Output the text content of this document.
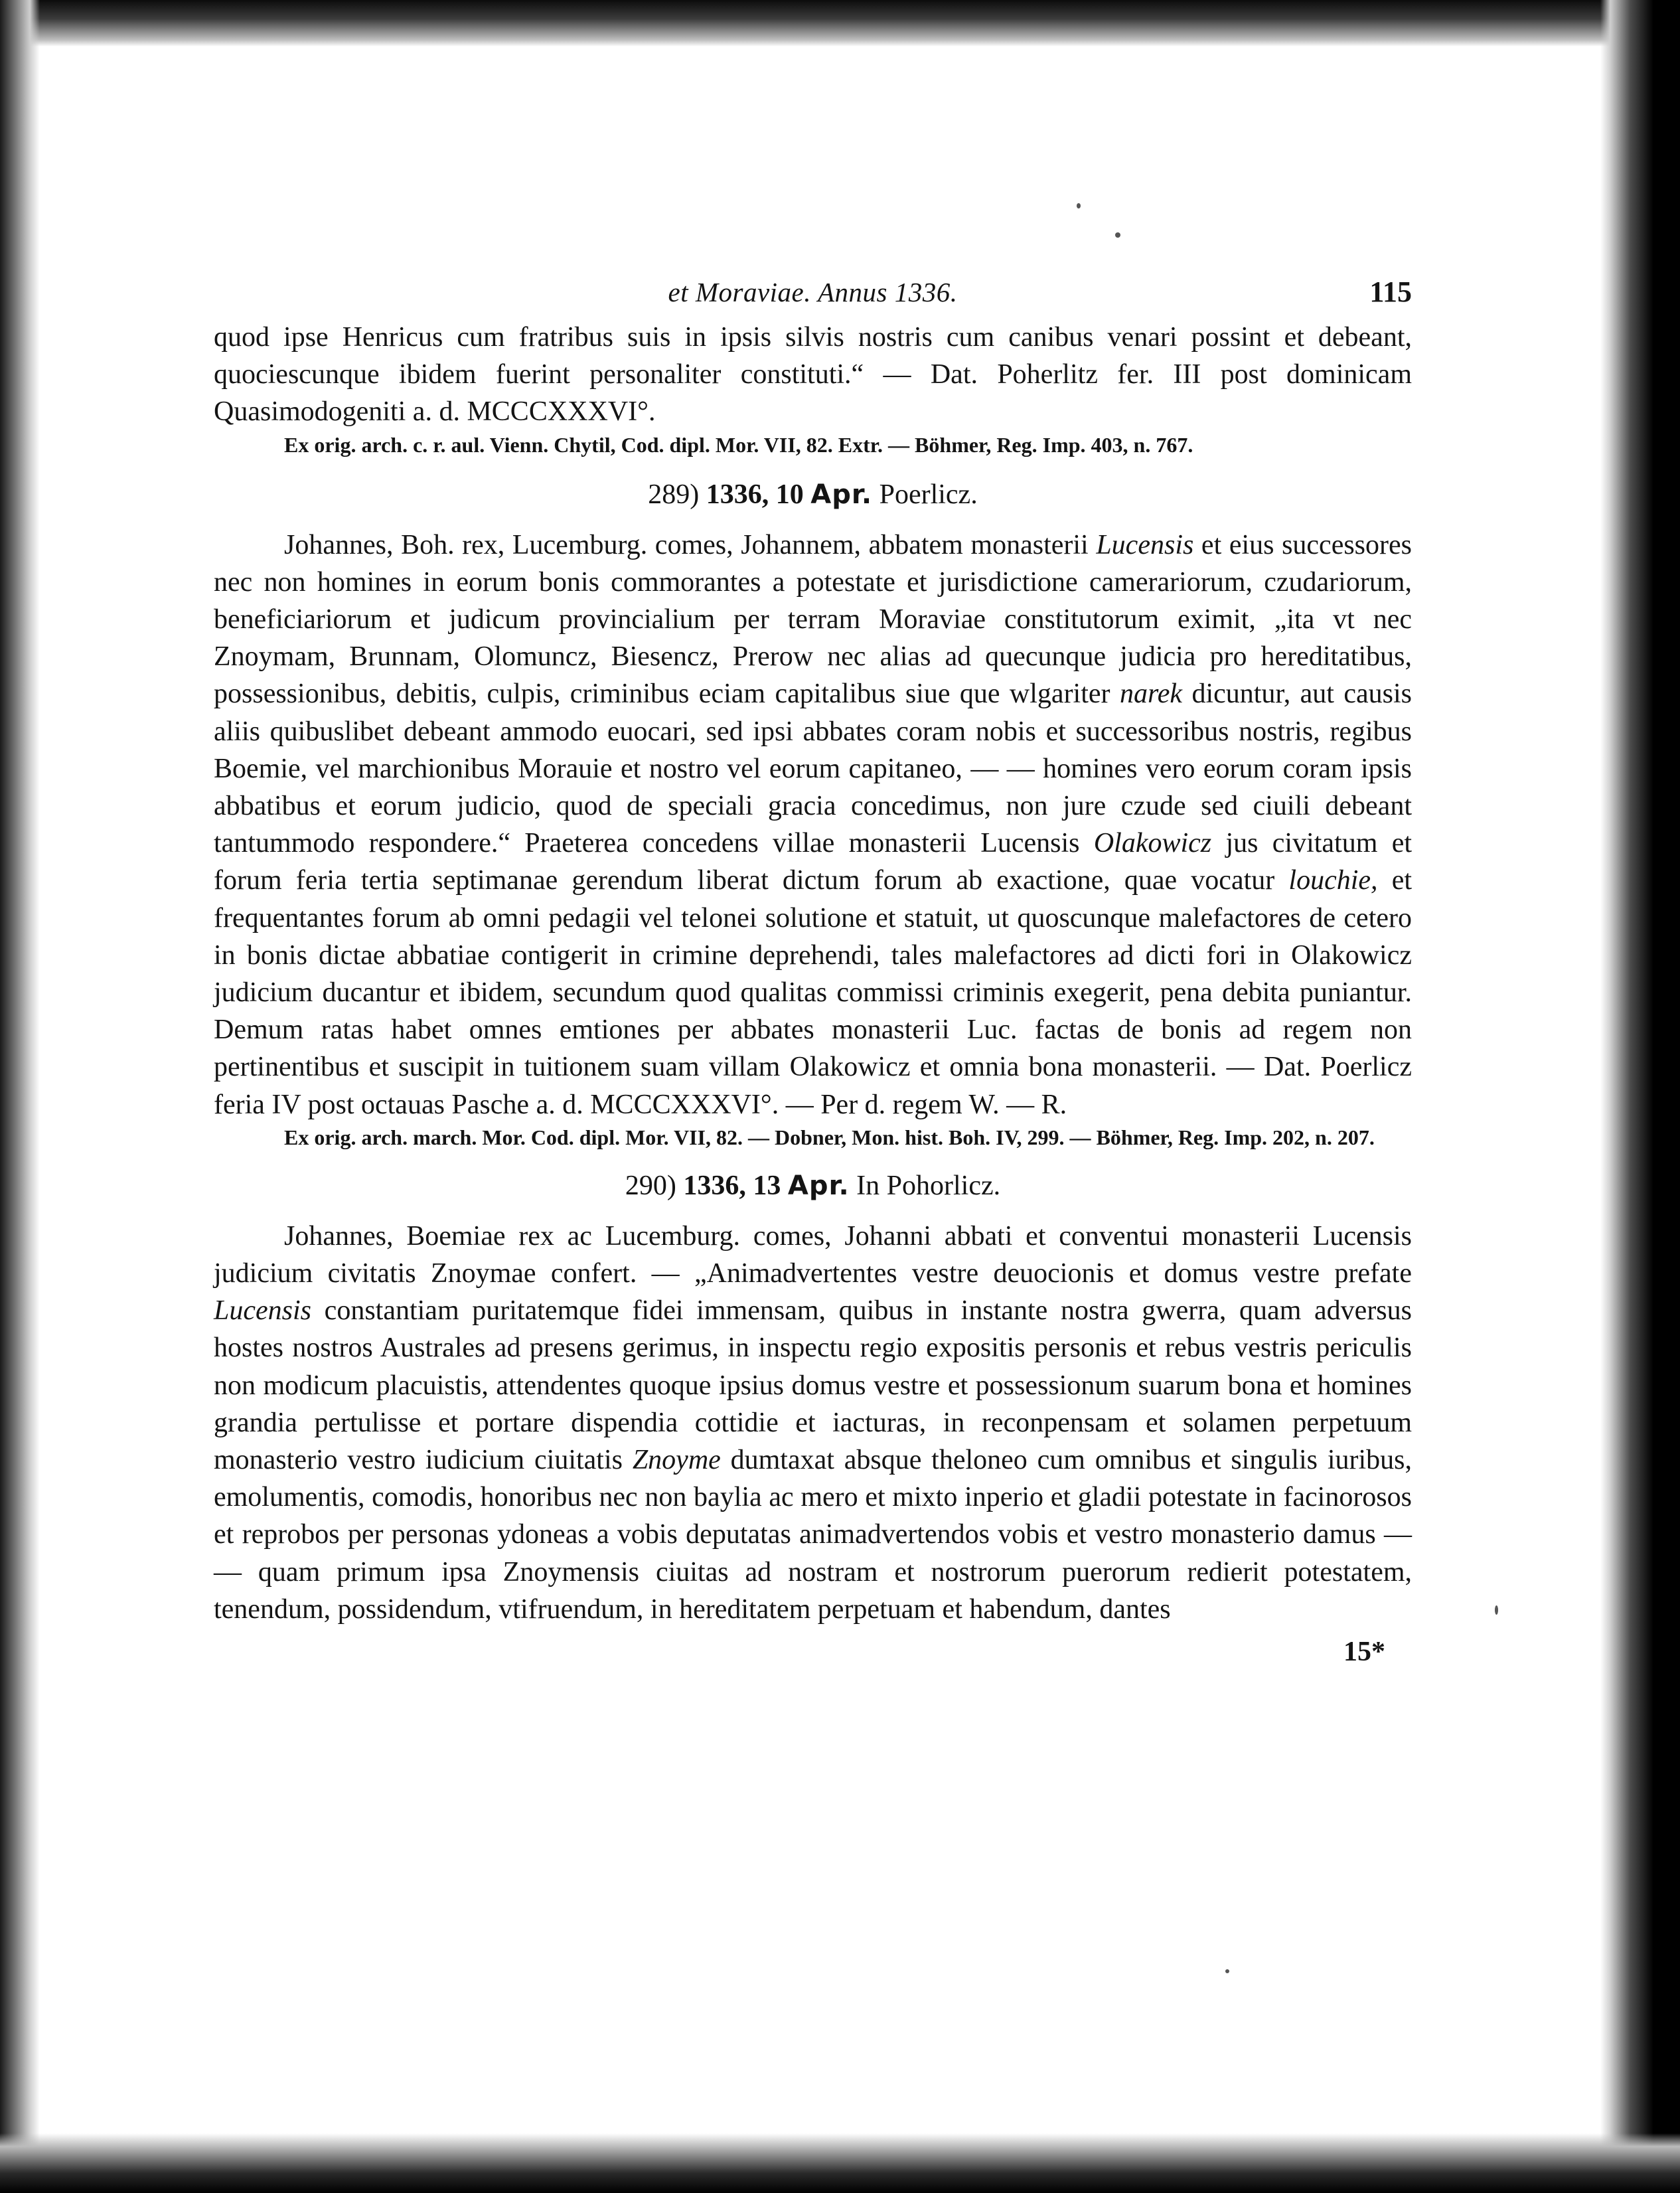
et Moraviae. Annus 1336.	115

quod ipse Henricus cum fratribus suis in ipsis silvis nostris cum canibus venari possint et debeant, quociescunque ibidem fuerint personaliter constituti.“ — Dat. Poherlitz fer. III post dominicam Quasimodogeniti a. d. MCCCXXXVI°.

Ex orig. arch. c. r. aul. Vienn. Chytil, Cod. dipl. Mor. VII, 82. Extr. — Böhmer, Reg. Imp. 403, n. 767.

289) 1336, 10 Apr. Poerlicz.

Johannes, Boh. rex, Lucemburg. comes, Johannem, abbatem monasterii Lucensis et eius successores nec non homines in eorum bonis commorantes a potestate et jurisdictione camerariorum, czudariorum, beneficiariorum et judicum provincialium per terram Moraviae constitutorum eximit, „ita vt nec Znoymam, Brunnam, Olomuncz, Biesencz, Prerow nec alias ad quecunque judicia pro hereditatibus, possessionibus, debitis, culpis, criminibus eciam capitalibus siue que wlgariter narek dicuntur, aut causis aliis quibuslibet debeant ammodo euocari, sed ipsi abbates coram nobis et successoribus nostris, regibus Boemie, vel marchionibus Morauie et nostro vel eorum capitaneo, — — homines vero eorum coram ipsis abbatibus et eorum judicio, quod de speciali gracia concedimus, non jure czude sed ciuili debeant tantummodo respondere.“ Praeterea concedens villae monasterii Lucensis Olakowicz jus civitatum et forum feria tertia septimanae gerendum liberat dictum forum ab exactione, quae vocatur louchie, et frequentantes forum ab omni pedagii vel telonei solutione et statuit, ut quoscunque malefactores de cetero in bonis dictae abbatiae contigerit in crimine deprehendi, tales malefactores ad dicti fori in Olakowicz judicium ducantur et ibidem, secundum quod qualitas commissi criminis exegerit, pena debita puniantur. Demum ratas habet omnes emtiones per abbates monasterii Luc. factas de bonis ad regem non pertinentibus et suscipit in tuitionem suam villam Olakowicz et omnia bona monasterii. — Dat. Poerlicz feria IV post octauas Pasche a. d. MCCCXXXVI°. — Per d. regem W. — R.

Ex orig. arch. march. Mor. Cod. dipl. Mor. VII, 82. — Dobner, Mon. hist. Boh. IV, 299. — Böhmer, Reg. Imp. 202, n. 207.

290) 1336, 13 Apr. In Pohorlicz.

Johannes, Boemiae rex ac Lucemburg. comes, Johanni abbati et conventui monasterii Lucensis judicium civitatis Znoymae confert. — „Animadvertentes vestre deuocionis et domus vestre prefate Lucensis constantiam puritatemque fidei immensam, quibus in instante nostra gwerra, quam adversus hostes nostros Australes ad presens gerimus, in inspectu regio expositis personis et rebus vestris periculis non modicum placuistis, attendentes quoque ipsius domus vestre et possessionum suarum bona et homines grandia pertulisse et portare dispendia cottidie et iacturas, in reconpensam et solamen perpetuum monasterio vestro iudicium ciuitatis Znoyme dumtaxat absque theloneo cum omnibus et singulis iuribus, emolumentis, comodis, honoribus nec non baylia ac mero et mixto inperio et gladii potestate in facinorosos et reprobos per personas ydoneas a vobis deputatas animadvertendos vobis et vestro monasterio damus — — quam primum ipsa Znoymensis ciuitas ad nostram et nostrorum puerorum redierit potestatem, tenendum, possidendum, vtifruendum, in hereditatem perpetuam et habendum, dantes

15*
